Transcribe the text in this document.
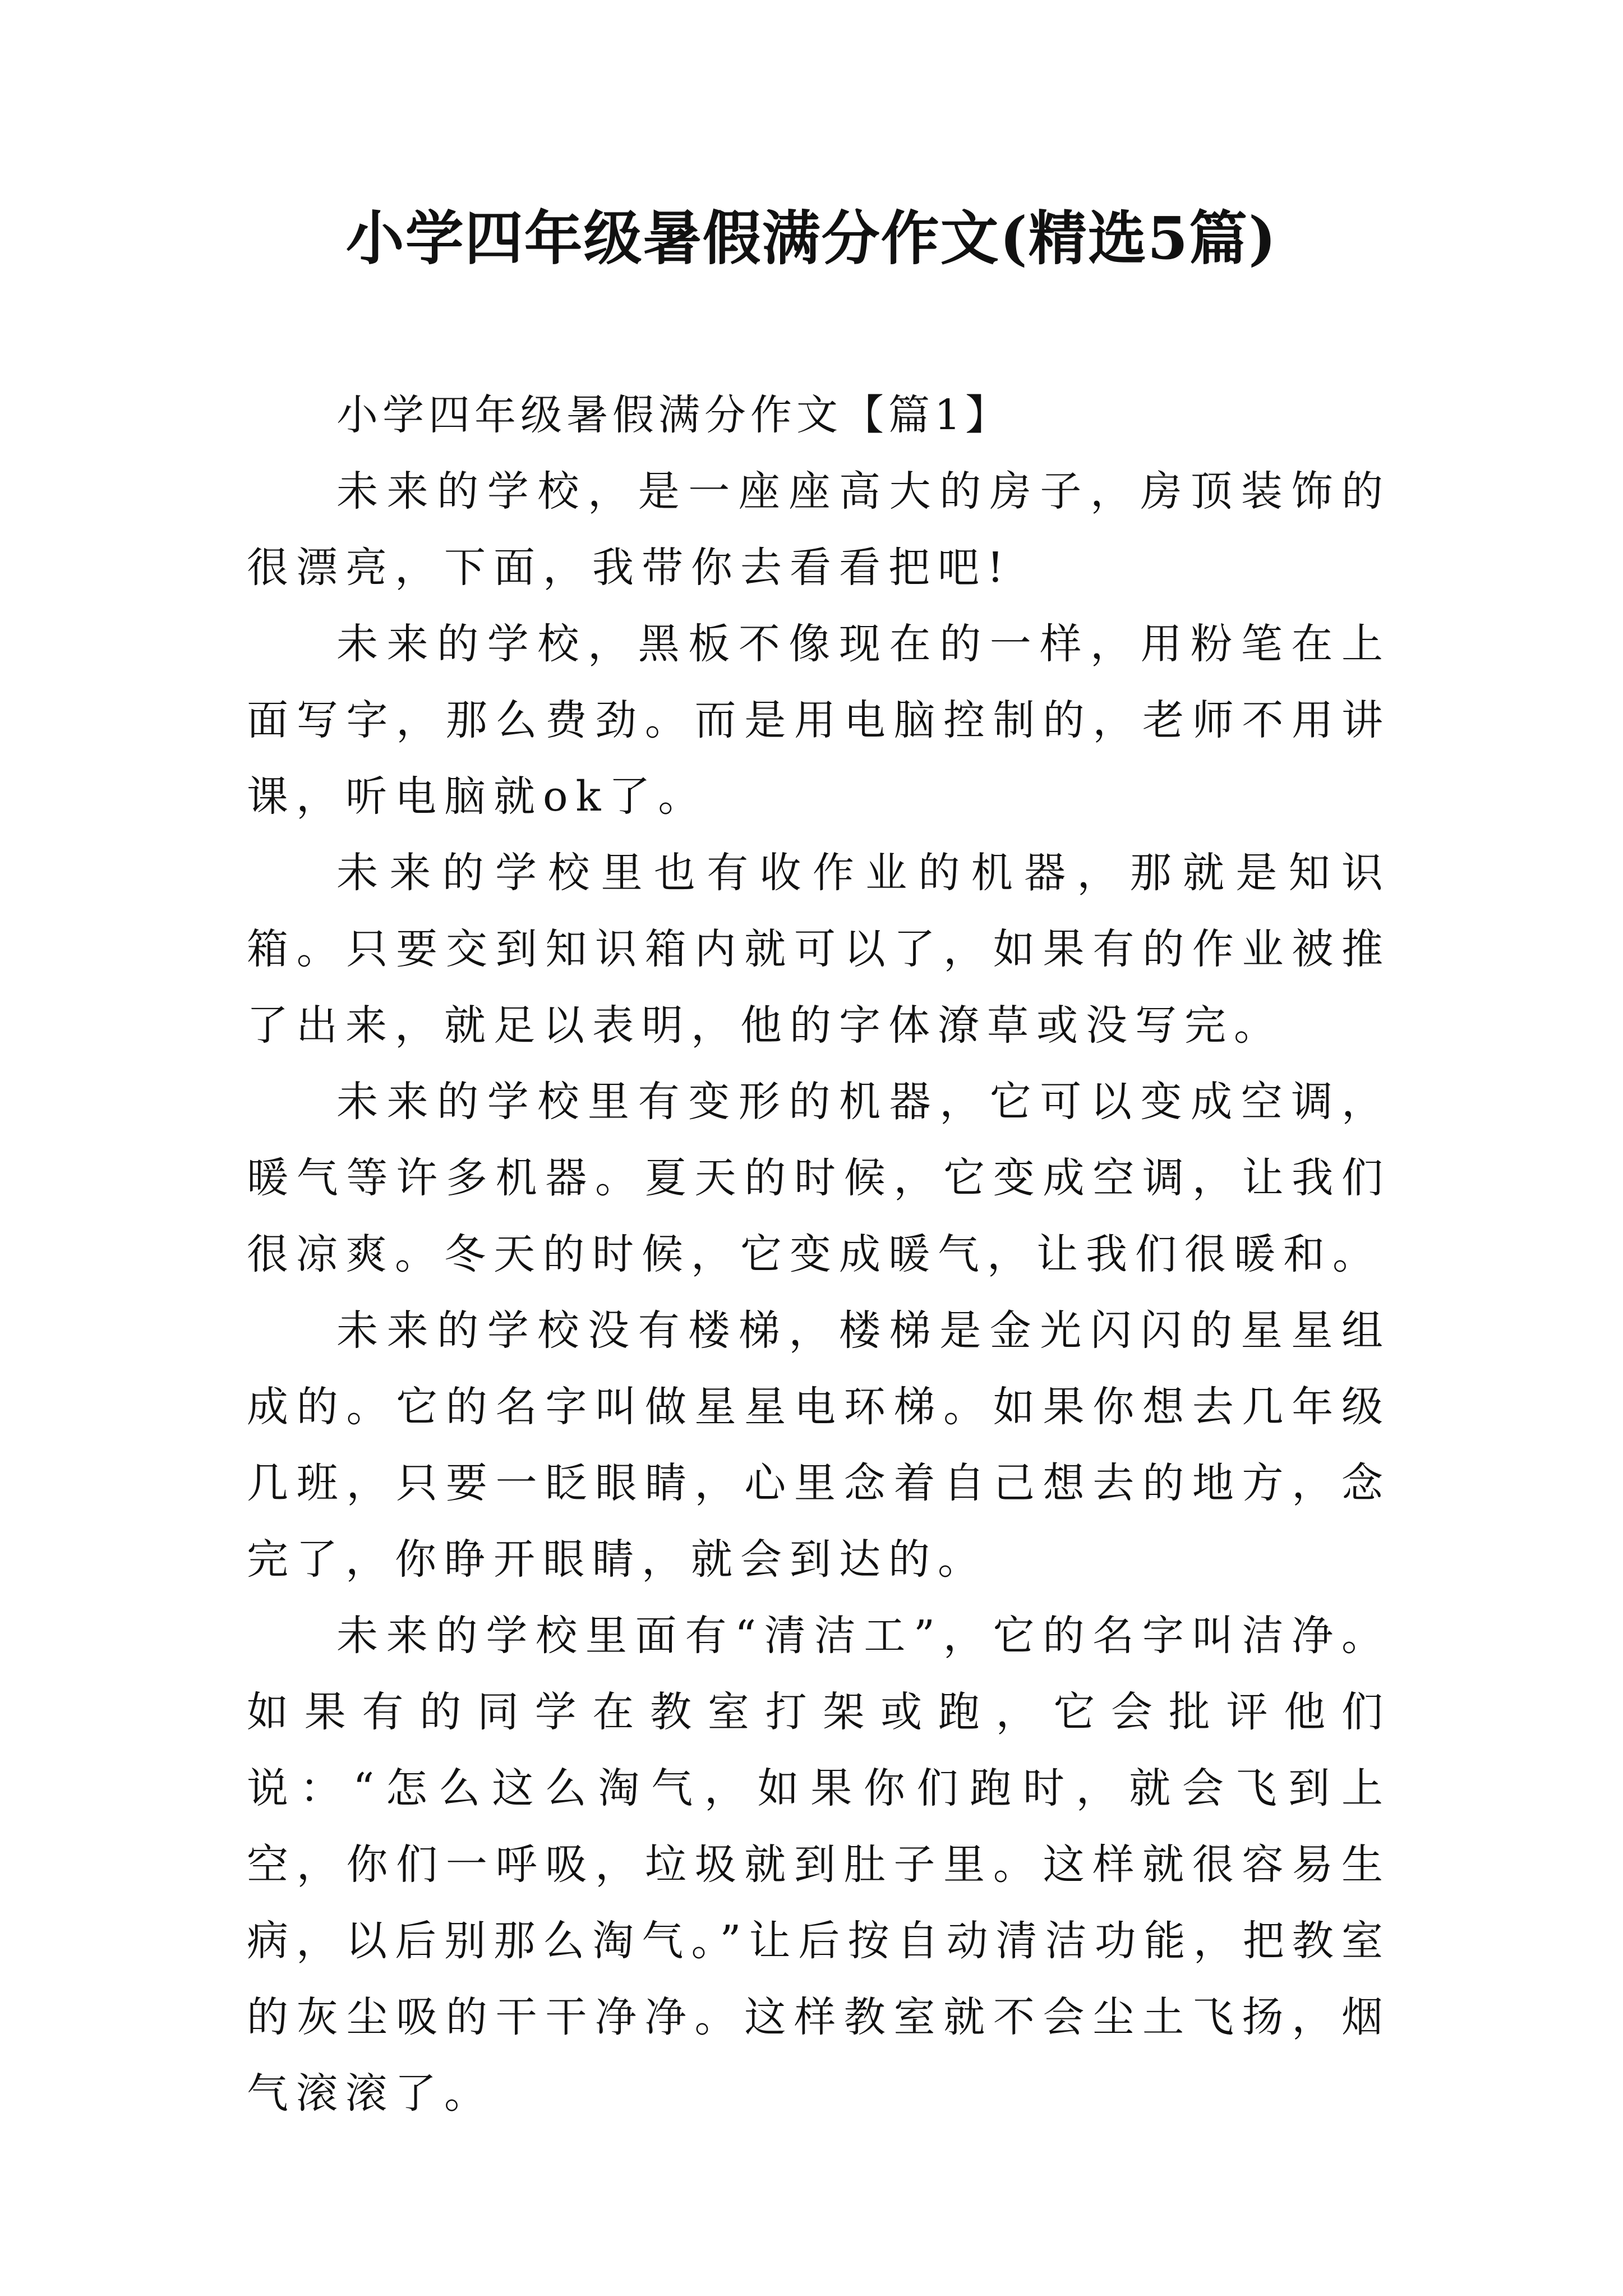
小学四年级暑假满分作文(精选5篇)

小学四年级暑假满分作文【篇1】

未来的学校，是一座座高大的房子，房顶装饰的很漂亮，下面，我带你去看看把吧!

未来的学校，黑板不像现在的一样，用粉笔在上面写字，那么费劲。而是用电脑控制的，老师不用讲课，听电脑就ok了。

未来的学校里也有收作业的机器，那就是知识箱。只要交到知识箱内就可以了，如果有的作业被推了出来，就足以表明，他的字体潦草或没写完。

未来的学校里有变形的机器，它可以变成空调，暖气等许多机器。夏天的时候，它变成空调，让我们很凉爽。冬天的时候，它变成暖气，让我们很暖和。

未来的学校没有楼梯，楼梯是金光闪闪的星星组成的。它的名字叫做星星电环梯。如果你想去几年级几班，只要一眨眼睛，心里念着自己想去的地方，念完了，你睁开眼睛，就会到达的。

未来的学校里面有“清洁工”，它的名字叫洁净。如果有的同学在教室打架或跑，它会批评他们说：“怎么这么淘气，如果你们跑时，就会飞到上空，你们一呼吸，垃圾就到肚子里。这样就很容易生病，以后别那么淘气。”让后按自动清洁功能，把教室的灰尘吸的干干净净。这样教室就不会尘土飞扬，烟气滚滚了。
